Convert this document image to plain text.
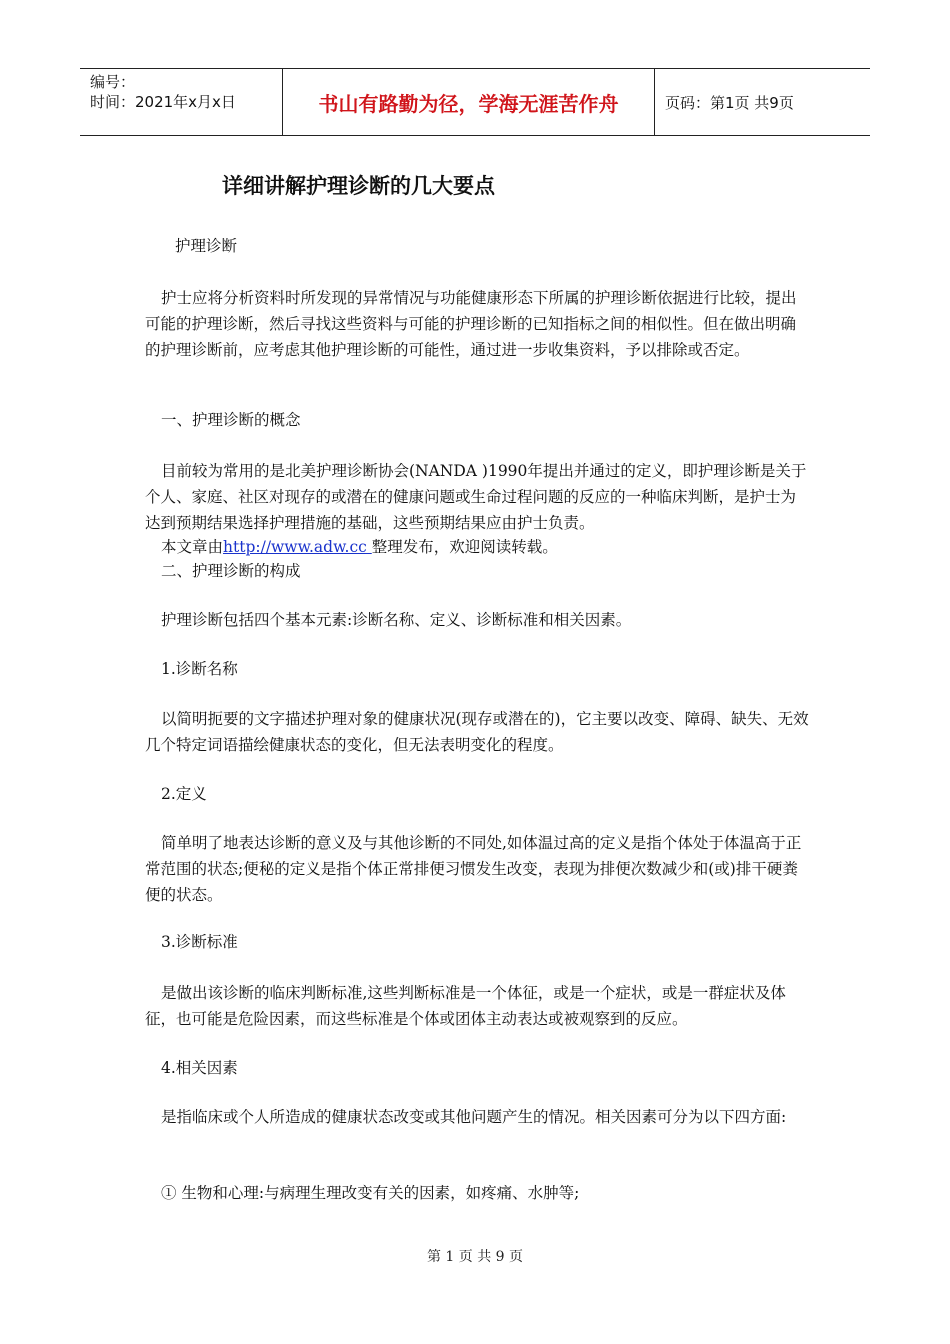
编号：
时间：2021年x月x日	书山有路勤为径，学海无涯苦作舟	页码：第1页 共9页
详细讲解护理诊断的几大要点

护理诊断

护士应将分析资料时所发现的异常情况与功能健康形态下所属的护理诊断依据进行比较，提出可能的护理诊断，然后寻找这些资料与可能的护理诊断的已知指标之间的相似性。但在做出明确的护理诊断前，应考虑其他护理诊断的可能性，通过进一步收集资料，予以排除或否定。

一、护理诊断的概念

目前较为常用的是北美护理诊断协会(NANDA )1990年提出并通过的定义，即护理诊断是关于个人、家庭、社区对现存的或潜在的健康问题或生命过程问题的反应的一种临床判断，是护士为达到预期结果选择护理措施的基础，这些预期结果应由护士负责。

本文章由http://www.adw.cc 整理发布，欢迎阅读转载。

二、护理诊断的构成

护理诊断包括四个基本元素:诊断名称、定义、诊断标准和相关因素。

1.诊断名称

以简明扼要的文字描述护理对象的健康状况(现存或潜在的)，它主要以改变、障碍、缺失、无效几个特定词语描绘健康状态的变化，但无法表明变化的程度。

2.定义

简单明了地表达诊断的意义及与其他诊断的不同处,如体温过高的定义是指个体处于体温高于正常范围的状态;便秘的定义是指个体正常排便习惯发生改变，表现为排便次数减少和(或)排干硬粪便的状态。

3.诊断标准

是做出该诊断的临床判断标准,这些判断标准是一个体征，或是一个症状，或是一群症状及体征，也可能是危险因素，而这些标准是个体或团体主动表达或被观察到的反应。

4.相关因素

是指临床或个人所造成的健康状态改变或其他问题产生的情况。相关因素可分为以下四方面:

① 生物和心理:与病理生理改变有关的因素，如疼痛、水肿等;

第 1 页 共 9 页
